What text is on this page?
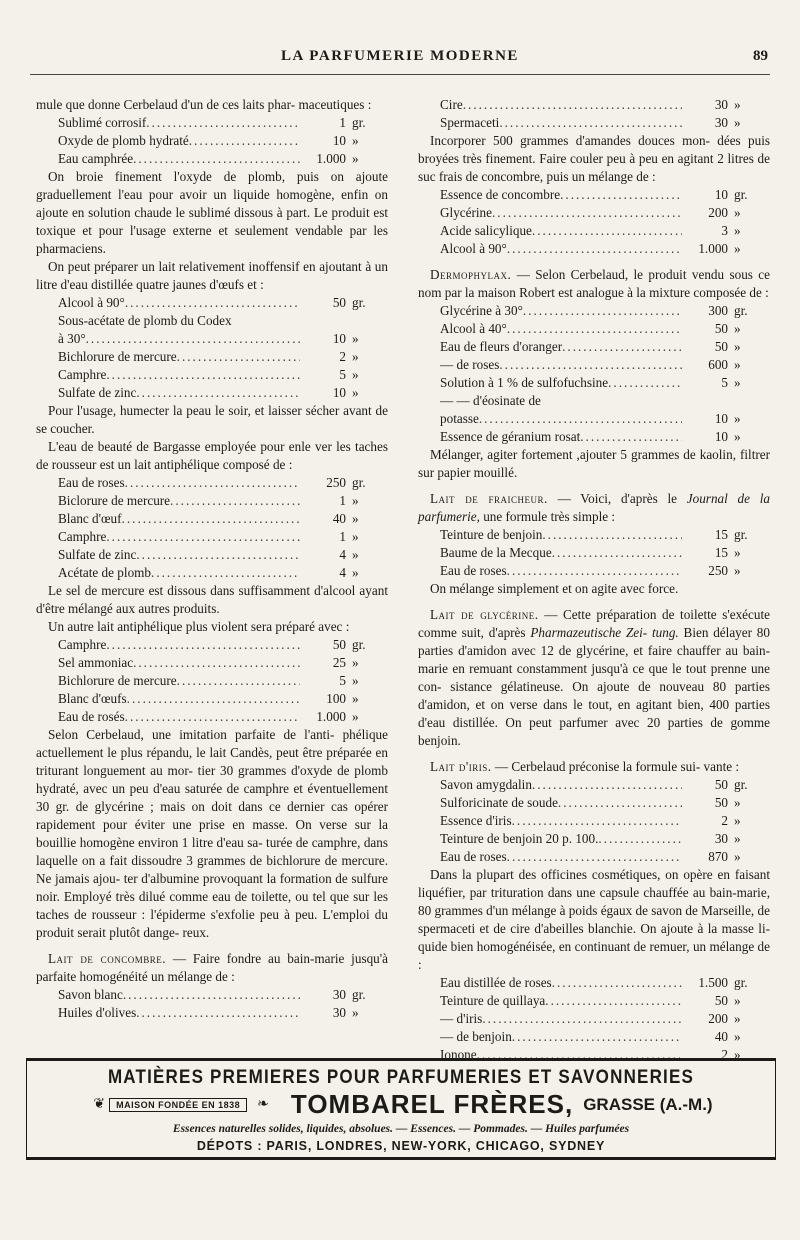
LA PARFUMERIE MODERNE	89

mule que donne Cerbelaud d'un de ces laits phar- maceutiques :

Sublimé corrosif .....	1 gr.
Oxyde de plomb hydraté .....	10 »
Eau camphrée .....	1.000 »

On broie finement l'oxyde de plomb, puis on ajoute graduellement l'eau pour avoir un liquide homogène, enfin on ajoute en solution chaude le sublimé dissous à part. Le produit est toxique et pour l'usage externe et seulement vendable par les pharmaciens.

On peut préparer un lait relativement inoffensif en ajoutant à un litre d'eau distillée quatre jaunes d'œufs et :

Alcool à 90° .....	50 gr.
Sous-acétate de plomb du Codex
à 30° .....	10 »
Bichlorure de mercure .....	2 »
Camphre .....	5 »
Sulfate de zinc .....	10 »

Pour l'usage, humecter la peau le soir, et laisser sécher avant de se coucher.

L'eau de beauté de Bargasse employée pour enle ver les taches de rousseur est un lait antiphélique composé de :

Eau de roses .....	250 gr.
Biclorure de mercure .....	1 »
Blanc d'œuf .....	40 »
Camphre .....	1 »
Sulfate de zinc .....	4 »
Acétate de plomb .....	4 »

Le sel de mercure est dissous dans suffisamment d'alcool ayant d'être mélangé aux autres produits.

Un autre lait antiphélique plus violent sera préparé avec :

Camphre .....	50 gr.
Sel ammoniac .....	25 »
Bichlorure de mercure .....	5 »
Blanc d'œufs .....	100 »
Eau de rosés .....	1.000 »

Selon Cerbelaud, une imitation parfaite de l'anti- phélique actuellement le plus répandu, le lait Candès, peut être préparée en triturant longuement au mor- tier 30 grammes d'oxyde de plomb hydraté, avec un peu d'eau saturée de camphre et éventuellement 30 gr. de glycérine ; mais on doit dans ce dernier cas opérer rapidement pour éviter une prise en masse. On verse sur la bouillie homogène environ 1 litre d'eau sa- turée de camphre, dans laquelle on a fait dissoudre 3 grammes de bichlorure de mercure. Ne jamais ajou- ter d'albumine provoquant la formation de sulfure noir. Employé très dilué comme eau de toilette, ou tel que sur les taches de rousseur : l'épiderme s'exfolie peu à peu. L'emploi du produit serait plutôt dange- reux.

Lait de concombre. — Faire fondre au bain-marie jusqu'à parfaite homogénéité un mélange de :

Savon blanc .....	30 gr.
Huiles d'olives .....	30 »
Cire .....	30 »
Spermaceti .....	30 »

Incorporer 500 grammes d'amandes douces mon- dées puis broyées très finement. Faire couler peu à peu en agitant 2 litres de suc frais de concombre, puis un mélange de :

Essence de concombre .....	10 gr.
Glycérine .....	200 »
Acide salicylique .....	3 »
Alcool à 90° .....	1.000 »

Dermophylax. — Selon Cerbelaud, le produit vendu sous ce nom par la maison Robert est analogue à la mixture composée de :

Glycérine à 30° .....	300 gr.
Alcool à 40° .....	50 »
Eau de fleurs d'oranger .....	50 »
— de roses .....	600 »
Solution à 1 % de sulfofuchsine .....	5 »
— — d'éosinate de
potasse .....	10 »
Essence de géranium rosat .....	10 »

Mélanger, agiter fortement ,ajouter 5 grammes de kaolin, filtrer sur papier mouillé.

Lait de fraicheur. — Voici, d'après le Journal de la parfumerie, une formule très simple :

Teinture de benjoin .....	15 gr.
Baume de la Mecque .....	15 »
Eau de roses .....	250 »

On mélange simplement et on agite avec force.

Lait de glycérine. — Cette préparation de toilette s'exécute comme suit, d'après Pharmazeutische Zei- tung. Bien délayer 80 parties d'amidon avec 12 de glycérine, et faire chauffer au bain-marie en remuant constamment jusqu'à ce que le tout prenne une con- sistance gélatineuse. On ajoute de nouveau 80 parties d'amidon, et on verse dans le tout, en agitant bien, 400 parties d'eau distillée. On peut parfumer avec 20 parties de gomme benjoin.

Lait d'iris. — Cerbelaud préconise la formule sui- vante :

Savon amygdalin .....	50 gr.
Sulforicinate de soude .....	50 »
Essence d'iris .....	2 »
Teinture de benjoin 20 p. 100. .....	30 »
Eau de roses .....	870 »

Dans la plupart des officines cosmétiques, on opère en faisant liquéfier, par trituration dans une capsule chauffée au bain-marie, 80 grammes d'un mélange à poids égaux de savon de Marseille, de spermaceti et de cire d'abeilles blanchie. On ajoute à la masse li- quide bien homogénéisée, en continuant de remuer, un mélange de :

Eau distillée de roses .....	1.500 gr.
Teinture de quillaya .....	50 »
— d'iris .....	200 »
— de benjoin .....	40 »
Ionone .....	2 »
MATIÈRES PREMIERES POUR PARFUMERIES ET SAVONNERIES
❦	MAISON FONDÉE EN 1838	❧ TOMBAREL FRÈRES, GRASSE (A.-M.)
Essences naturelles solides, liquides, absolues. — Essences. — Pommades. — Huiles parfumées
DÉPOTS : PARIS, LONDRES, NEW-YORK, CHICAGO, SYDNEY
